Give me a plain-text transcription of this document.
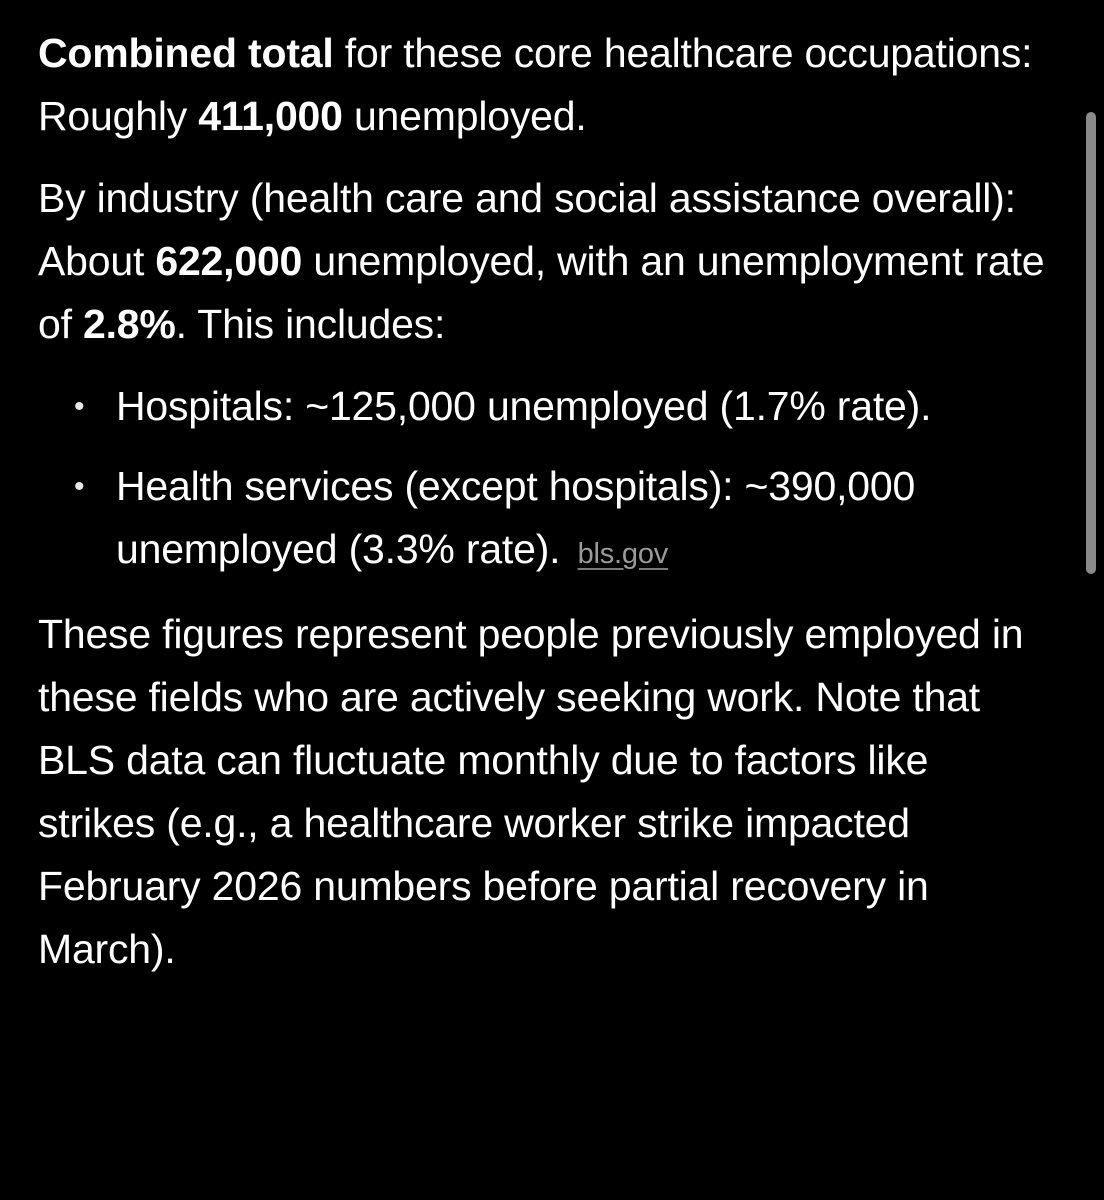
Combined total for these core healthcare occupations: Roughly 411,000 unemployed.

By industry (health care and social assistance overall): About 622,000 unemployed, with an unemployment rate of 2.8%. This includes:

• Hospitals: ~125,000 unemployed (1.7% rate).
• Health services (except hospitals): ~390,000 unemployed (3.3% rate). bls.gov

These figures represent people previously employed in these fields who are actively seeking work. Note that BLS data can fluctuate monthly due to factors like strikes (e.g., a healthcare worker strike impacted February 2026 numbers before partial recovery in March).
